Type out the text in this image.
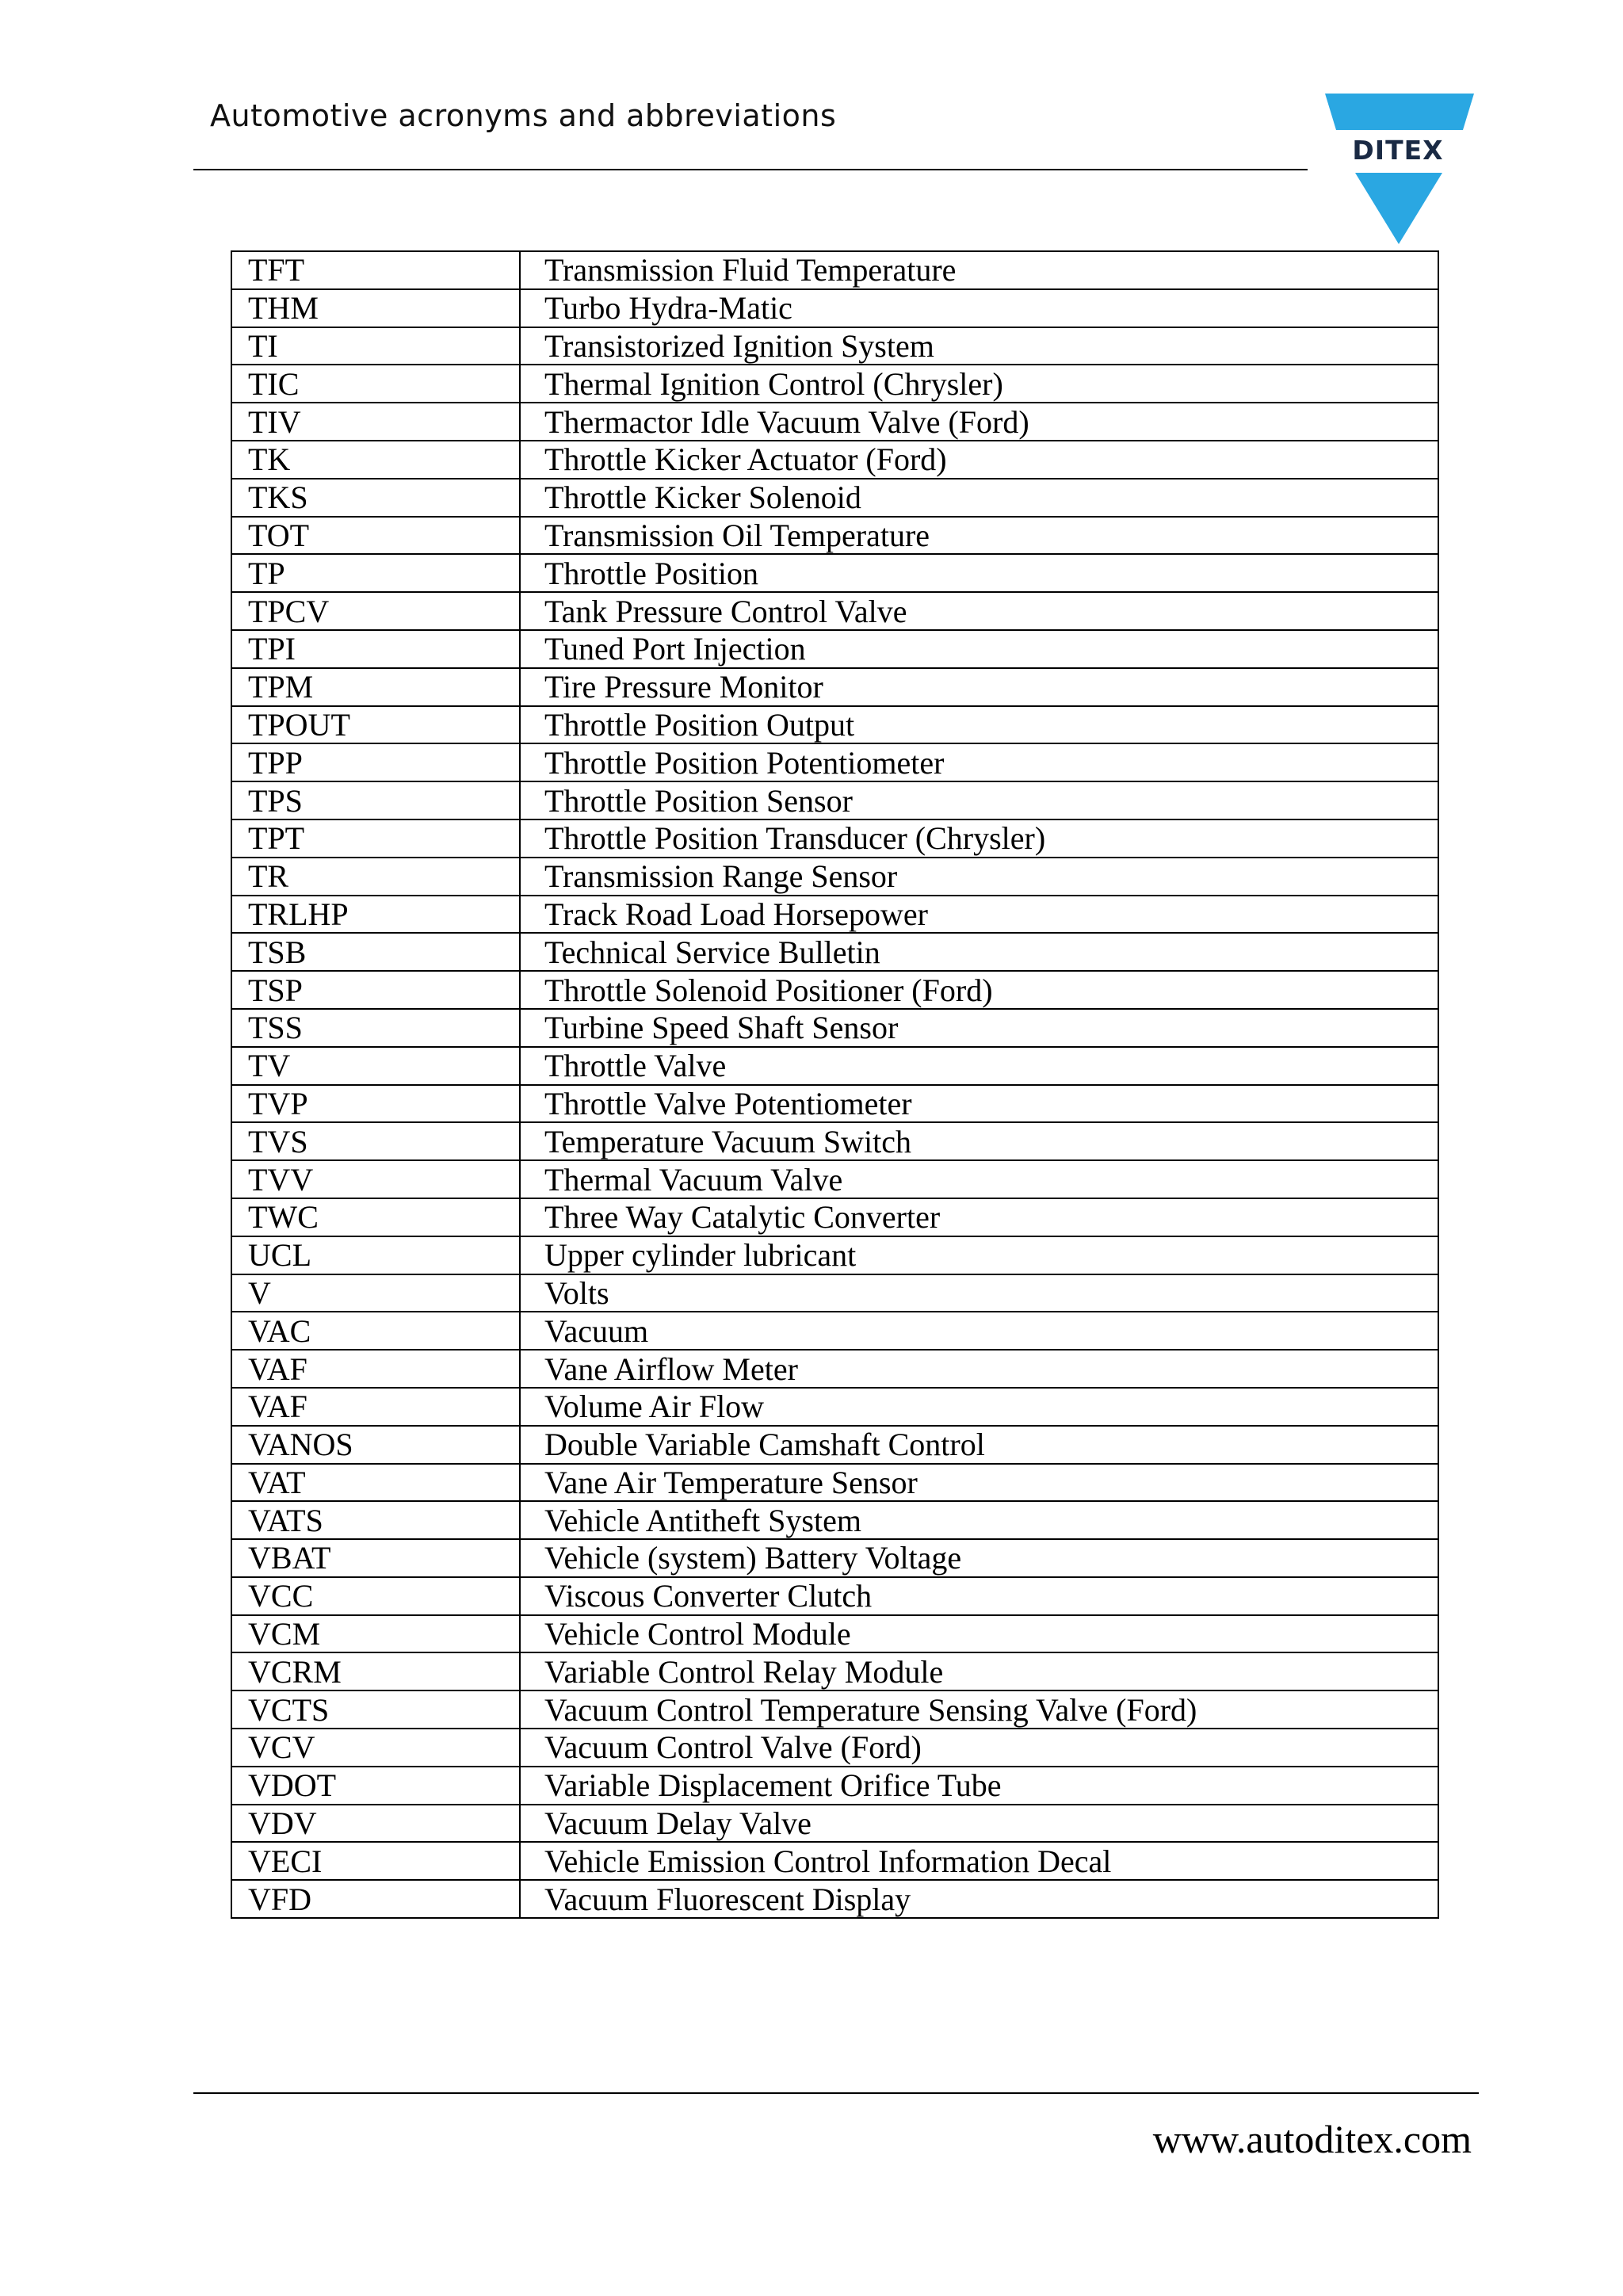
Automotive acronyms and abbreviations
DITEX
TFT	Transmission Fluid Temperature
THM	Turbo Hydra-Matic
TI	Transistorized Ignition System
TIC	Thermal Ignition Control (Chrysler)
TIV	Thermactor Idle Vacuum Valve (Ford)
TK	Throttle Kicker Actuator (Ford)
TKS	Throttle Kicker Solenoid
TOT	Transmission Oil Temperature
TP	Throttle Position
TPCV	Tank Pressure Control Valve
TPI	Tuned Port Injection
TPM	Tire Pressure Monitor
TPOUT	Throttle Position Output
TPP	Throttle Position Potentiometer
TPS	Throttle Position Sensor
TPT	Throttle Position Transducer (Chrysler)
TR	Transmission Range Sensor
TRLHP	Track Road Load Horsepower
TSB	Technical Service Bulletin
TSP	Throttle Solenoid Positioner (Ford)
TSS	Turbine Speed Shaft Sensor
TV	Throttle Valve
TVP	Throttle Valve Potentiometer
TVS	Temperature Vacuum Switch
TVV	Thermal Vacuum Valve
TWC	Three Way Catalytic Converter
UCL	Upper cylinder lubricant
V	Volts
VAC	Vacuum
VAF	Vane Airflow Meter
VAF	Volume Air Flow
VANOS	Double Variable Camshaft Control
VAT	Vane Air Temperature Sensor
VATS	Vehicle Antitheft System
VBAT	Vehicle (system) Battery Voltage
VCC	Viscous Converter Clutch
VCM	Vehicle Control Module
VCRM	Variable Control Relay Module
VCTS	Vacuum Control Temperature Sensing Valve (Ford)
VCV	Vacuum Control Valve (Ford)
VDOT	Variable Displacement Orifice Tube
VDV	Vacuum Delay Valve
VECI	Vehicle Emission Control Information Decal
VFD	Vacuum Fluorescent Display

www.autoditex.com
